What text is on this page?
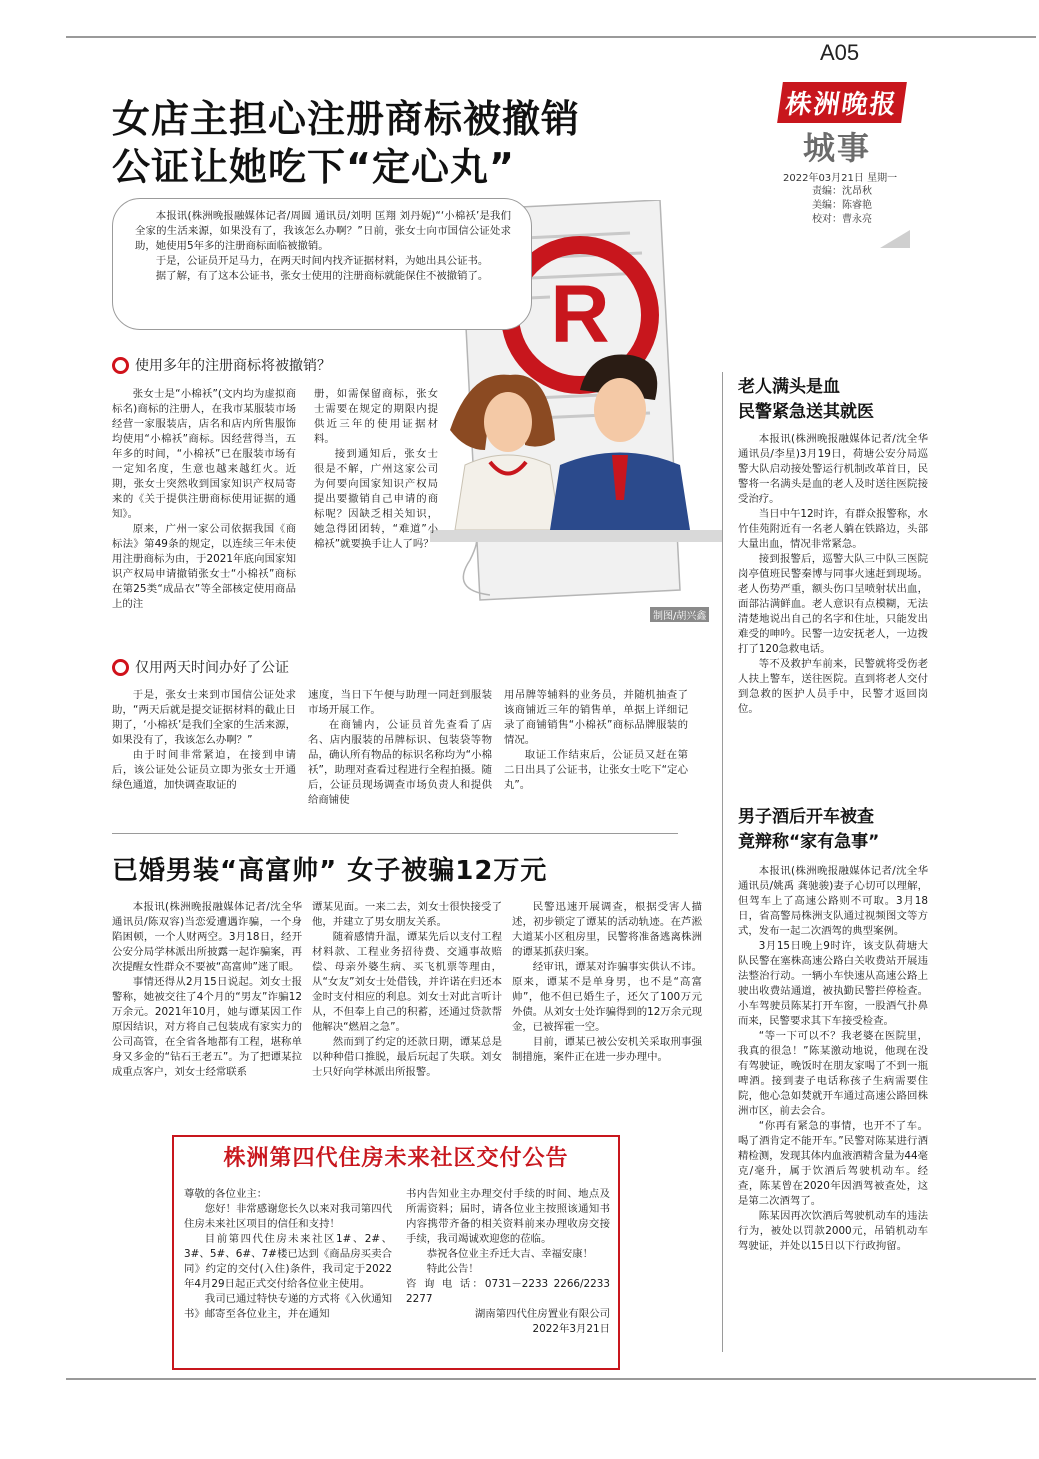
A05
株洲晚报
城事
2022年03月21日 星期一
责编：沈昂秋
美编：陈睿艳
校对：曹永亮
女店主担心注册商标被撤销
公证让她吃下“定心丸”
R
制图/胡兴鑫

本报讯(株洲晚报融媒体记者/周圆 通讯员/刘明 匡翔 刘丹妮)“‘小棉袄’是我们全家的生活来源，如果没有了，我该怎么办啊？”日前，张女士向市国信公证处求助，她使用5年多的注册商标面临被撤销。

于是，公证员开足马力，在两天时间内找齐证据材料，为她出具公证书。

据了解，有了这本公证书，张女士使用的注册商标就能保住不被撤销了。

使用多年的注册商标将被撤销？

张女士是“小棉袄”(文内均为虚拟商标名)商标的注册人，在我市某服装市场经营一家服装店，店名和店内所售服饰均使用“小棉袄”商标。因经营得当，五年多的时间，“小棉袄”已在服装市场有一定知名度，生意也越来越红火。近期，张女士突然收到国家知识产权局寄来的《关于提供注册商标使用证据的通知》。

原来，广州一家公司依据我国《商标法》第49条的规定，以连续三年未使用注册商标为由，于2021年底向国家知识产权局申请撤销张女士“小棉袄”商标在第25类“成品衣”等全部核定使用商品上的注

册，如需保留商标，张女士需要在规定的期限内提供近三年的使用证据材料。

接到通知后，张女士很是不解，广州这家公司为何要向国家知识产权局提出要撤销自己申请的商标呢？因缺乏相关知识，她急得团团转，“难道”小棉袄”就要换手让人了吗？

仅用两天时间办好了公证

于是，张女士来到市国信公证处求助，“两天后就是提交证据材料的截止日期了，‘小棉袄’是我们全家的生活来源，如果没有了，我该怎么办啊？”

由于时间非常紧迫，在接到申请后，该公证处公证员立即为张女士开通绿色通道，加快调查取证的

速度，当日下午便与助理一同赶到服装市场开展工作。

在商铺内，公证员首先查看了店名、店内服装的吊牌标识、包装袋等物品，确认所有物品的标识名称均为“小棉袄”，助理对查看过程进行全程拍摄。随后，公证员现场调查市场负责人和提供给商铺使

用吊牌等辅料的业务员，并随机抽查了该商铺近三年的销售单，单据上详细记录了商铺销售“小棉袄”商标品牌服装的情况。

取证工作结束后，公证员又赶在第二日出具了公证书，让张女士吃下“定心丸”。

已婚男装“高富帅” 女子被骗12万元

本报讯(株洲晚报融媒体记者/沈全华 通讯员/陈双容)当恋爱遭遇诈骗，一个身陷困顿，一个人财两空。3月18日，经开公安分局学林派出所披露一起诈骗案，再次提醒女性群众不要被“高富帅”迷了眼。

事情还得从2月15日说起。刘女士报警称，她被交往了4个月的“男友”诈骗12万余元。2021年10月，她与谭某因工作原因结识，对方将自己包装成有家实力的公司高管，在全省各地都有工程，堪称单身又多金的“钻石王老五”。为了把谭某拉成重点客户，刘女士经常联系

谭某见面。一来二去，刘女士很快接受了他，并建立了男女朋友关系。

随着感情升温，谭某先后以支付工程材料款、工程业务招待费、交通事故赔偿、母亲外婆生病、买飞机票等理由，从“女友”刘女士处借钱，并许诺在归还本金时支付相应的利息。刘女士对此言听计从，不但奉上自己的积蓄，还通过贷款帮他解决“燃眉之急”。

然而到了约定的还款日期，谭某总是以种种借口推脱，最后玩起了失联。刘女士只好向学林派出所报警。

民警迅速开展调查，根据受害人描述，初步锁定了谭某的活动轨迹。在芦淞大道某小区租房里，民警将准备逃离株洲的谭某抓获归案。

经审讯，谭某对诈骗事实供认不讳。原来，谭某不是单身男，也不是“高富帅”，他不但已婚生子，还欠了100万元外债。从刘女士处诈骗得到的12万余元现金，已被挥霍一空。

目前，谭某已被公安机关采取刑事强制措施，案件正在进一步办理中。

株洲第四代住房未来社区交付公告

尊敬的各位业主：

您好！非常感谢您长久以来对我司第四代住房未来社区项目的信任和支持！

目前第四代住房未来社区1#、2#、3#、5#、6#、7#楼已达到《商品房买卖合同》约定的交付(入住)条件，我司定于2022年4月29日起正式交付给各位业主使用。

我司已通过特快专递的方式将《入伙通知书》邮寄至各位业主，并在通知

书内告知业主办理交付手续的时间、地点及所需资料；届时，请各位业主按照该通知书内容携带齐备的相关资料前来办理收房交接手续，我司竭诚欢迎您的莅临。

恭祝各位业主乔迁大吉、幸福安康！

特此公告！

咨 询 电 话：0731－2233 2266/2233 2277

湖南第四代住房置业有限公司

2022年3月21日

老人满头是血
民警紧急送其就医

本报讯(株洲晚报融媒体记者/沈全华 通讯员/李星)3月19日，荷塘公安分局巡警大队启动接处警运行机制改革首日，民警将一名满头是血的老人及时送往医院接受治疗。

当日中午12时许，有群众报警称，水竹佳苑附近有一名老人躺在铁路边，头部大量出血，情况非常紧急。

接到报警后，巡警大队三中队三医院岗亭值班民警秦博与同事火速赶到现场。老人伤势严重，额头伤口呈喷射状出血，面部沾满鲜血。老人意识有点模糊，无法清楚地说出自己的名字和住址，只能发出难受的呻吟。民警一边安抚老人，一边拨打了120急救电话。

等不及救护车前来，民警就将受伤老人扶上警车，送往医院。直到将老人交付到急救的医护人员手中，民警才返回岗位。

男子酒后开车被查
竟辩称“家有急事”

本报讯(株洲晚报融媒体记者/沈全华 通讯员/姚禹 龚驰骏)妻子心切可以理解，但驾车上了高速公路则不可取。3月18日，省高警局株洲支队通过视频图文等方式，发布一起二次酒驾的典型案例。

3月15日晚上9时许，该支队荷塘大队民警在塞株高速公路白关收费站开展违法整治行动。一辆小车快速从高速公路上驶出收费站通道，被执勤民警拦停检查。小车驾驶员陈某打开车窗，一股酒气扑鼻而来，民警要求其下车接受检查。

“等一下可以不？我老婆在医院里，我真的很急！”陈某激动地说，他现在没有驾驶证，晚饭时在朋友家喝了不到一瓶啤酒。接到妻子电话称孩子生病需要住院，他心急如焚就开车通过高速公路回株洲市区，前去会合。

“你再有紧急的事情，也开不了车。喝了酒肯定不能开车。”民警对陈某进行酒精检测，发现其体内血液酒精含量为44毫克/毫升，属于饮酒后驾驶机动车。经查，陈某曾在2020年因酒驾被查处，这是第二次酒驾了。

陈某因再次饮酒后驾驶机动车的违法行为，被处以罚款2000元，吊销机动车驾驶证，并处以15日以下行政拘留。
